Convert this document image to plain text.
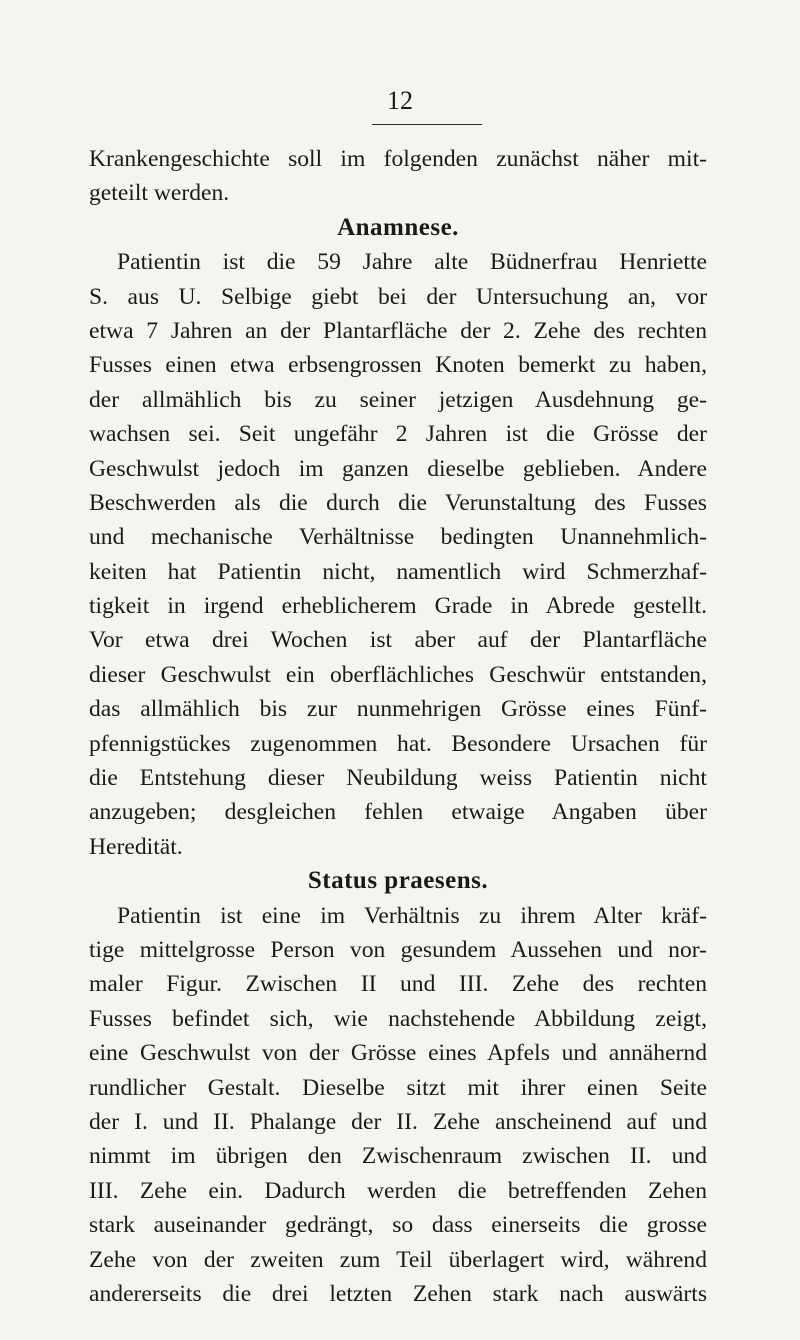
12
Krankengeschichte soll im folgenden zunächst näher mit-
geteilt werden.
Anamnese.
Patientin ist die 59 Jahre alte Büdnerfrau Henriette
S. aus U. Selbige giebt bei der Untersuchung an, vor
etwa 7 Jahren an der Plantarfläche der 2. Zehe des rechten
Fusses einen etwa erbsengrossen Knoten bemerkt zu haben,
der allmählich bis zu seiner jetzigen Ausdehnung ge-
wachsen sei. Seit ungefähr 2 Jahren ist die Grösse der
Geschwulst jedoch im ganzen dieselbe geblieben. Andere
Beschwerden als die durch die Verunstaltung des Fusses
und mechanische Verhältnisse bedingten Unannehmlich-
keiten hat Patientin nicht, namentlich wird Schmerzhaf-
tigkeit in irgend erheblicherem Grade in Abrede gestellt.
Vor etwa drei Wochen ist aber auf der Plantarfläche
dieser Geschwulst ein oberflächliches Geschwür entstanden,
das allmählich bis zur nunmehrigen Grösse eines Fünf-
pfennigstückes zugenommen hat. Besondere Ursachen für
die Entstehung dieser Neubildung weiss Patientin nicht
anzugeben; desgleichen fehlen etwaige Angaben über
Heredität.
Status praesens.
Patientin ist eine im Verhältnis zu ihrem Alter kräf-
tige mittelgrosse Person von gesundem Aussehen und nor-
maler Figur. Zwischen II und III. Zehe des rechten
Fusses befindet sich, wie nachstehende Abbildung zeigt,
eine Geschwulst von der Grösse eines Apfels und annähernd
rundlicher Gestalt. Dieselbe sitzt mit ihrer einen Seite
der I. und II. Phalange der II. Zehe anscheinend auf und
nimmt im übrigen den Zwischenraum zwischen II. und
III. Zehe ein. Dadurch werden die betreffenden Zehen
stark auseinander gedrängt, so dass einerseits die grosse
Zehe von der zweiten zum Teil überlagert wird, während
andererseits die drei letzten Zehen stark nach auswärts
